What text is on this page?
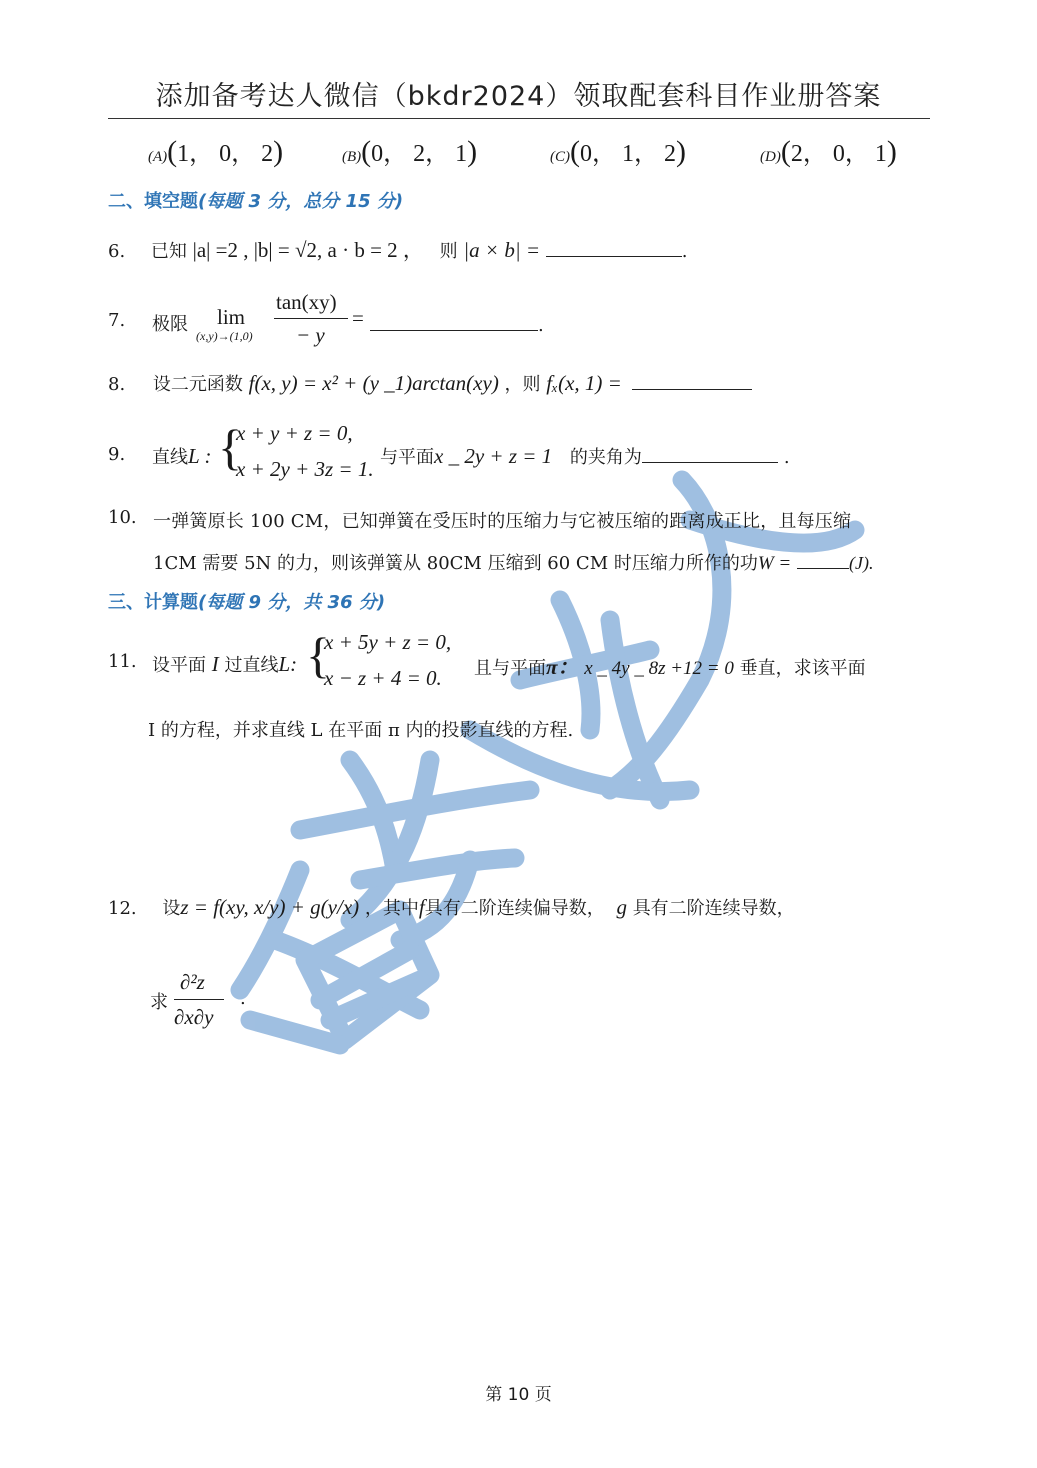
添加备考达人微信（bkdr2024）领取配套科目作业册答案
(A)(1， 0， 2)	(B)(0， 2， 1)	(C)(0， 1， 2)	(D)(2， 0， 1)
二、填空题(每题 3 分，总分 15 分)
6. 已知 |a| =2 , |b| = √2, a · b = 2 ， 则 |a × b| =	.
7. 极限 lim
(x,y)→(1,0)
tan(xy)
− y
=	.
8. 设二元函数 f(x, y) = x² + (y _1)arctan(xy) ，则 fₓ(x, 1) =
9. 直线L : {
x + y + z = 0,
x + 2y + 3z = 1. 与平面x _ 2y + z = 1 的夹角为	.
10. 一弹簧原长 100 CM，已知弹簧在受压时的压缩力与它被压缩的距离成正比，且每压缩
1CM 需要 5N 的力，则该弹簧从 80CM 压缩到 60 CM 时压缩力所作的功W =	(J).
三、计算题(每题 9 分，共 36 分)
11. 设平面 I 过直线L: {
x + 5y + z = 0,
x − z + 4 = 0. 且与平面π： x _ 4y _ 8z +12 = 0 垂直，求该平面
I 的方程，并求直线 L 在平面 π 内的投影直线的方程.
12. 设z = f(xy, x/y) + g(y/x) ，其中f具有二阶连续偏导数， g 具有二阶连续导数，
求
∂²z
∂x∂y
.
第 10 页
